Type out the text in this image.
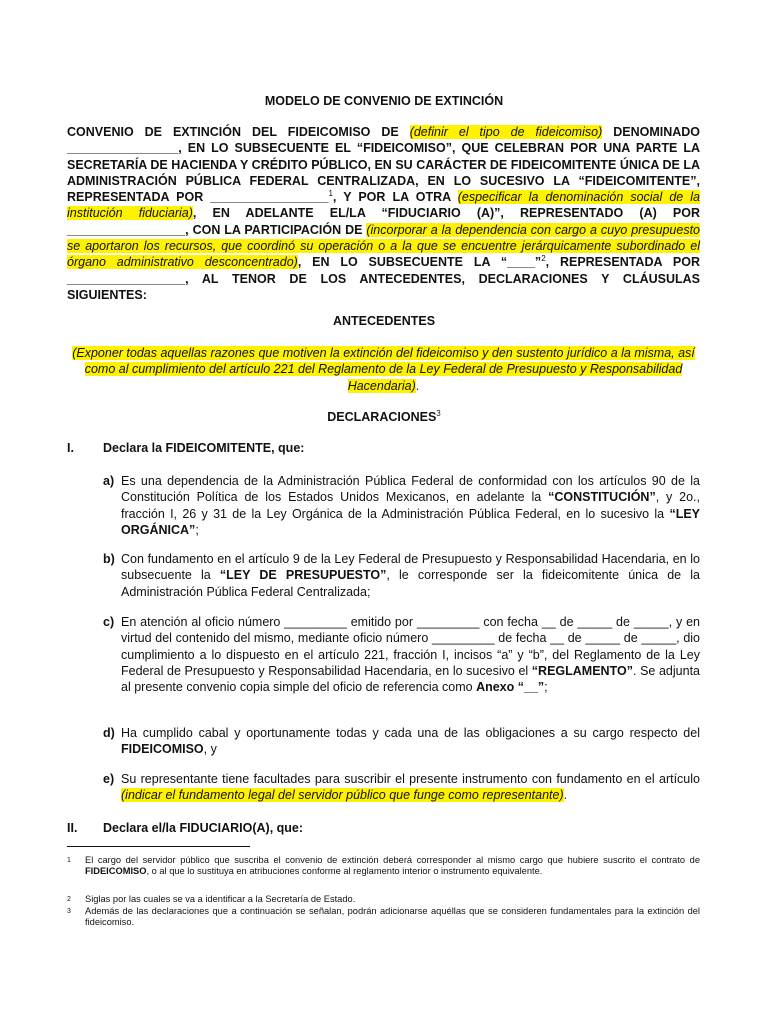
MODELO DE CONVENIO DE EXTINCIÓN
CONVENIO DE EXTINCIÓN DEL FIDEICOMISO DE (definir el tipo de fideicomiso) DENOMINADO ________________, EN LO SUBSECUENTE EL “FIDEICOMISO”, QUE CELEBRAN POR UNA PARTE LA SECRETARÍA DE HACIENDA Y CRÉDITO PÚBLICO, EN SU CARÁCTER DE FIDEICOMITENTE ÚNICA DE LA ADMINISTRACIÓN PÚBLICA FEDERAL CENTRALIZADA, EN LO SUCESIVO LA “FIDEICOMITENTE”, REPRESENTADA POR _________________$^1$, Y POR LA OTRA (especificar la denominación social de la institución fiduciaria), EN ADELANTE EL/LA “FIDUCIARIO (A)”, REPRESENTADO (A) POR _________________, CON LA PARTICIPACIÓN DE (incorporar a la dependencia con cargo a cuyo presupuesto se aportaron los recursos, que coordinó su operación o a la que se encuentre jerárquicamente subordinado el órgano administrativo desconcentrado), EN LO SUBSECUENTE LA “____”$^2$, REPRESENTADA POR _________________, AL TENOR DE LOS ANTECEDENTES, DECLARACIONES Y CLÁUSULAS SIGUIENTES:
ANTECEDENTES
(Exponer todas aquellas razones que motiven la extinción del fideicomiso y den sustento jurídico a la misma, así como al cumplimiento del artículo 221 del Reglamento de la Ley Federal de Presupuesto y Responsabilidad Hacendaria).
DECLARACIONES$^3$
I. Declara la FIDEICOMITENTE, que:
a) Es una dependencia de la Administración Pública Federal de conformidad con los artículos 90 de la Constitución Política de los Estados Unidos Mexicanos, en adelante la “CONSTITUCIÓN”, y 2o., fracción I, 26 y 31 de la Ley Orgánica de la Administración Pública Federal, en lo sucesivo la “LEY ORGÁNICA”;
b) Con fundamento en el artículo 9 de la Ley Federal de Presupuesto y Responsabilidad Hacendaria, en lo subsecuente la “LEY DE PRESUPUESTO”, le corresponde ser la fideicomitente única de la Administración Pública Federal Centralizada;
c) En atención al oficio número _________ emitido por _________ con fecha __ de _____ de _____, y en virtud del contenido del mismo, mediante oficio número _________ de fecha __ de _____ de _____, dio cumplimiento a lo dispuesto en el artículo 221, fracción I, incisos “a” y “b”, del Reglamento de la Ley Federal de Presupuesto y Responsabilidad Hacendaria, en lo sucesivo el “REGLAMENTO”. Se adjunta al presente convenio copia simple del oficio de referencia como Anexo “__”;
d) Ha cumplido cabal y oportunamente todas y cada una de las obligaciones a su cargo respecto del FIDEICOMISO, y
e) Su representante tiene facultades para suscribir el presente instrumento con fundamento en el artículo (indicar el fundamento legal del servidor público que funge como representante).
II. Declara el/la FIDUCIARIO(A), que:
1 El cargo del servidor público que suscriba el convenio de extinción deberá corresponder al mismo cargo que hubiere suscrito el contrato de FIDEICOMISO, o al que lo sustituya en atribuciones conforme al reglamento interior o instrumento equivalente.
2 Siglas por las cuales se va a identificar a la Secretaría de Estado.
3 Además de las declaraciones que a continuación se señalan, podrán adicionarse aquéllas que se consideren fundamentales para la extinción del fideicomiso.
